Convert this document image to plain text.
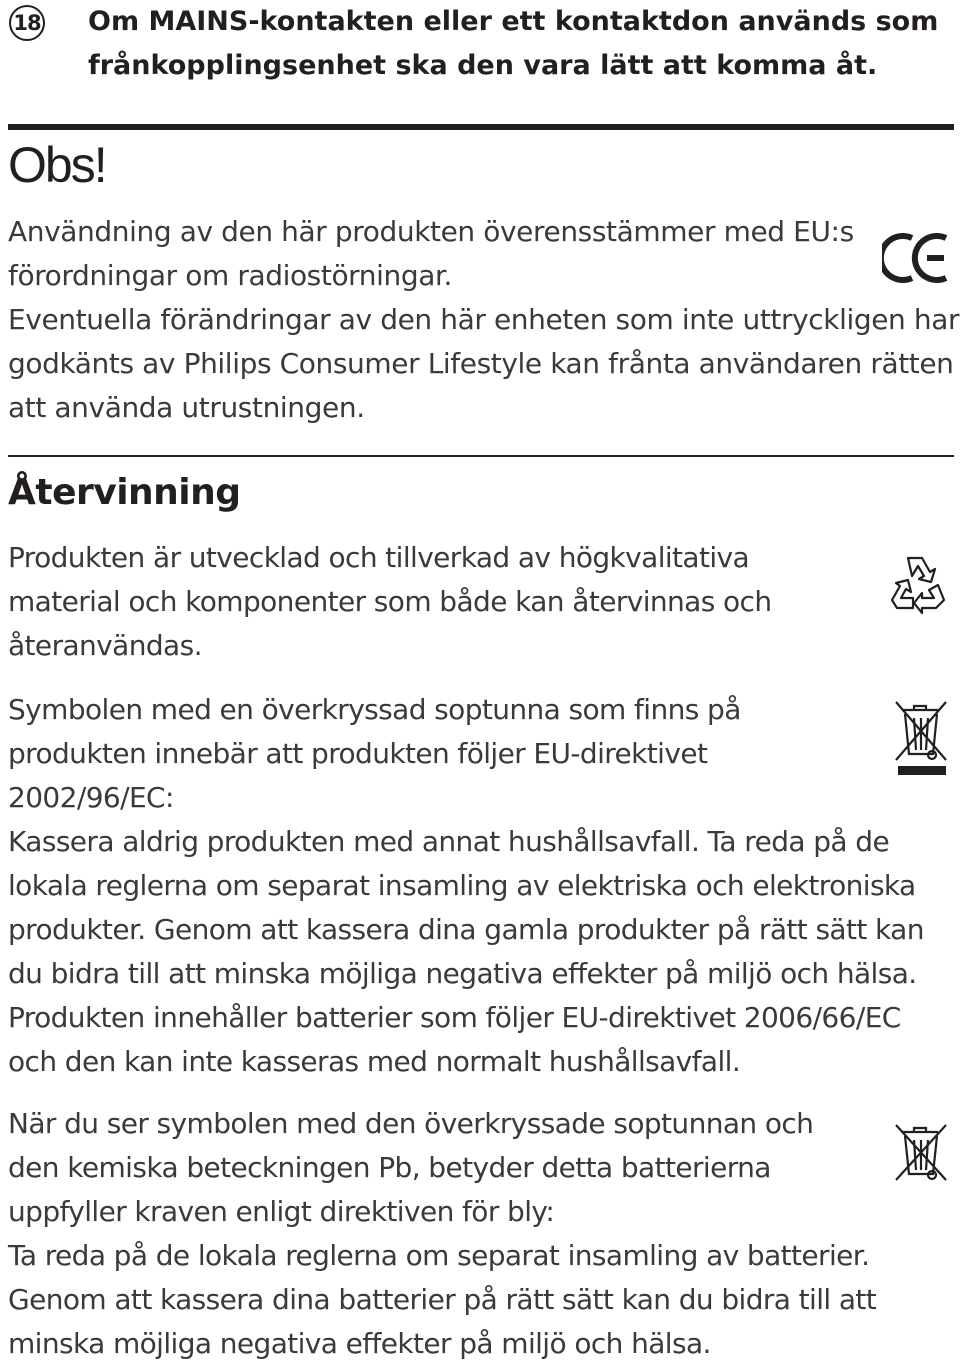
18 Om MAINS-kontakten eller ett kontaktdon används som
frånkopplingsenhet ska den vara lätt att komma åt.
Obs!
Användning av den här produkten överensstämmer med EU:s
förordningar om radiostörningar.
Eventuella förändringar av den här enheten som inte uttryckligen har
godkänts av Philips Consumer Lifestyle kan frånta användaren rätten
att använda utrustningen.
Återvinning
Produkten är utvecklad och tillverkad av högkvalitativa
material och komponenter som både kan återvinnas och
återanvändas.
Symbolen med en överkryssad soptunna som finns på
produkten innebär att produkten följer EU-direktivet
2002/96/EC:
Kassera aldrig produkten med annat hushållsavfall. Ta reda på de
lokala reglerna om separat insamling av elektriska och elektroniska
produkter. Genom att kassera dina gamla produkter på rätt sätt kan
du bidra till att minska möjliga negativa effekter på miljö och hälsa.
Produkten innehåller batterier som följer EU-direktivet 2006/66/EC
och den kan inte kasseras med normalt hushållsavfall.
När du ser symbolen med den överkryssade soptunnan och
den kemiska beteckningen Pb, betyder detta batterierna
uppfyller kraven enligt direktiven för bly:
Ta reda på de lokala reglerna om separat insamling av batterier.
Genom att kassera dina batterier på rätt sätt kan du bidra till att
minska möjliga negativa effekter på miljö och hälsa.
